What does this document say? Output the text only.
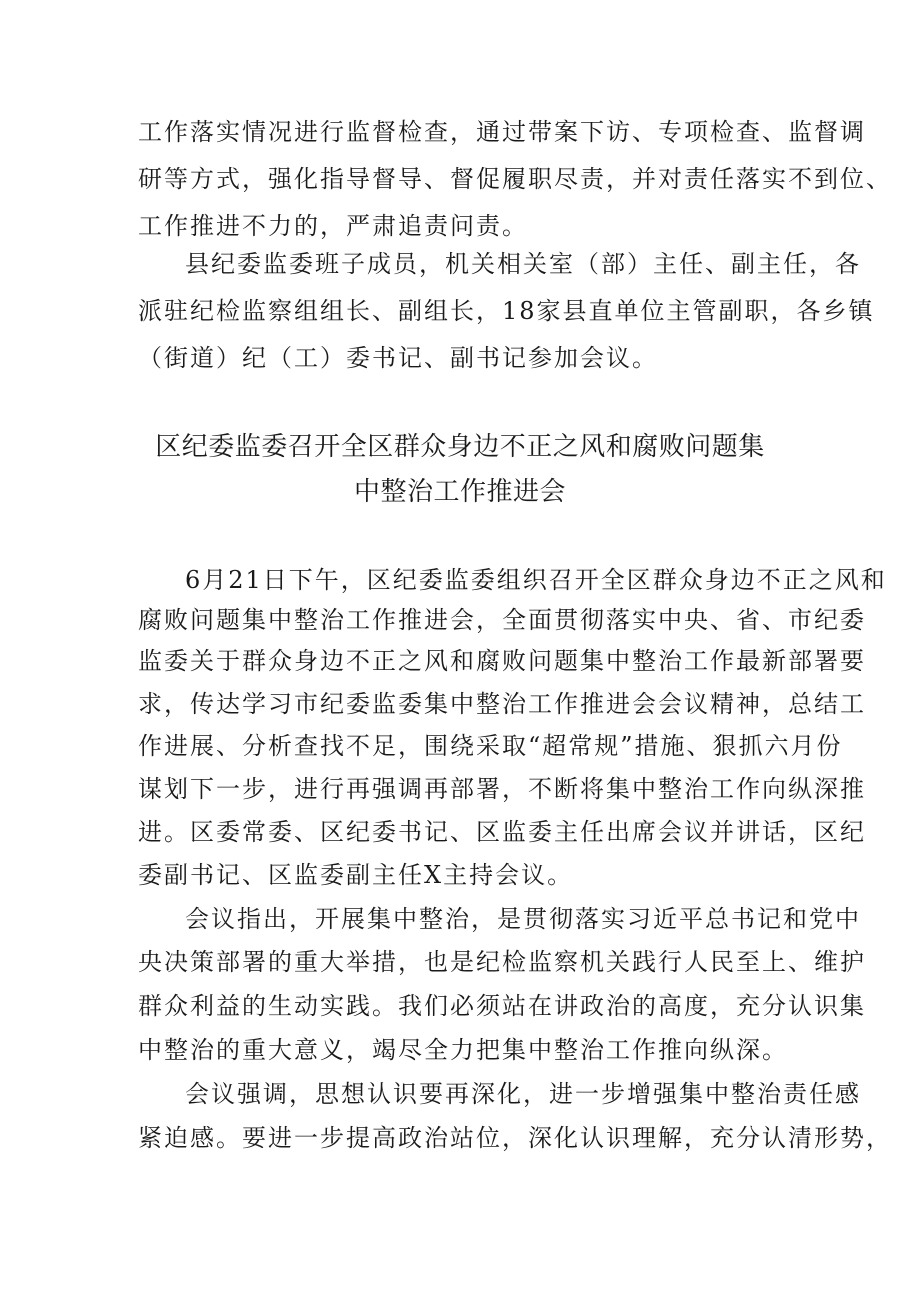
工作落实情况进行监督检查，通过带案下访、专项检查、监督调
研等方式，强化指导督导、督促履职尽责，并对责任落实不到位、
工作推进不力的，严肃追责问责。
县纪委监委班子成员，机关相关室（部）主任、副主任，各
派驻纪检监察组组长、副组长，18家县直单位主管副职，各乡镇
（街道）纪（工）委书记、副书记参加会议。
区纪委监委召开全区群众身边不正之风和腐败问题集
中整治工作推进会
6月21日下午，区纪委监委组织召开全区群众身边不正之风和
腐败问题集中整治工作推进会，全面贯彻落实中央、省、市纪委
监委关于群众身边不正之风和腐败问题集中整治工作最新部署要
求，传达学习市纪委监委集中整治工作推进会会议精神，总结工
作进展、分析查找不足，围绕采取“超常规”措施、狠抓六月份
谋划下一步，进行再强调再部署，不断将集中整治工作向纵深推
进。区委常委、区纪委书记、区监委主任出席会议并讲话，区纪
委副书记、区监委副主任X主持会议。
会议指出，开展集中整治，是贯彻落实习近平总书记和党中
央决策部署的重大举措，也是纪检监察机关践行人民至上、维护
群众利益的生动实践。我们必须站在讲政治的高度，充分认识集
中整治的重大意义，竭尽全力把集中整治工作推向纵深。
会议强调，思想认识要再深化，进一步增强集中整治责任感
紧迫感。要进一步提高政治站位，深化认识理解，充分认清形势，
